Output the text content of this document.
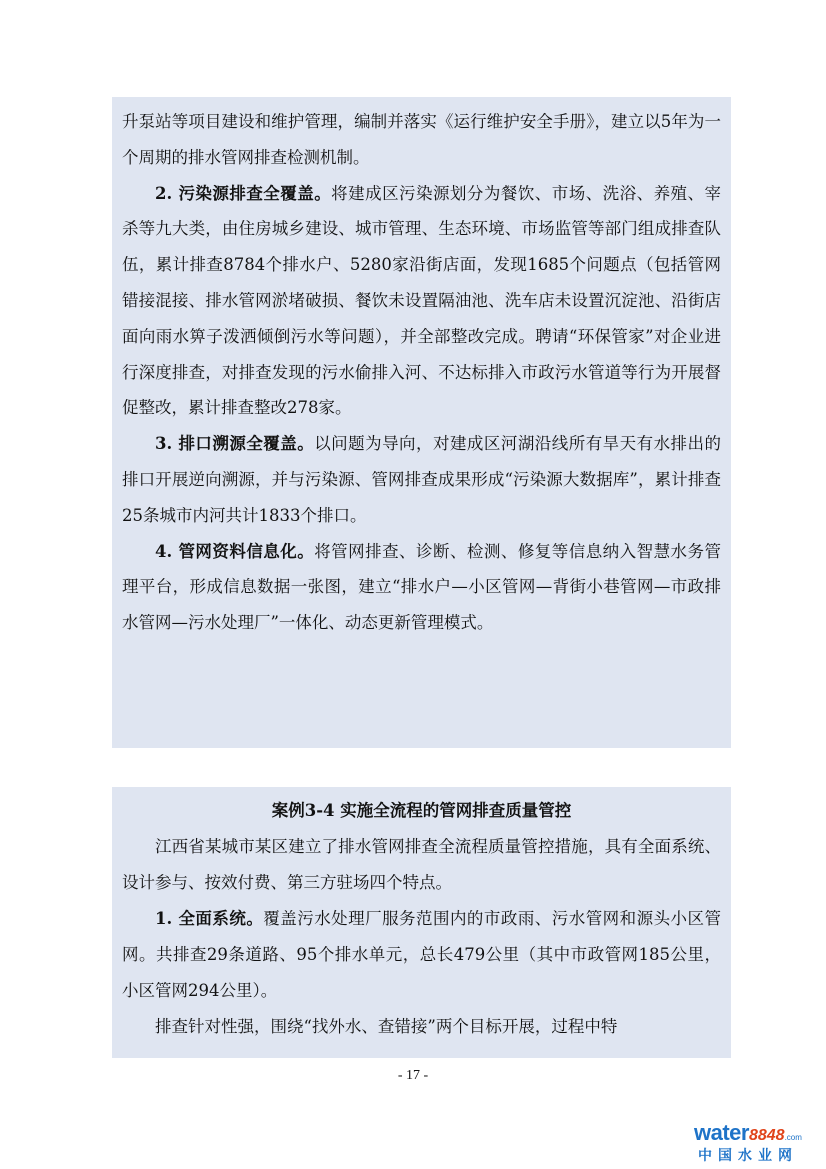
升泵站等项目建设和维护管理，编制并落实《运行维护安全手册》，建立以5年为一个周期的排水管网排查检测机制。

2. 污染源排查全覆盖。将建成区污染源划分为餐饮、市场、洗浴、养殖、宰杀等九大类，由住房城乡建设、城市管理、生态环境、市场监管等部门组成排查队伍，累计排查8784个排水户、5280家沿街店面，发现1685个问题点（包括管网错接混接、排水管网淤堵破损、餐饮未设置隔油池、洗车店未设置沉淀池、沿街店面向雨水箅子泼洒倾倒污水等问题），并全部整改完成。聘请“环保管家”对企业进行深度排查，对排查发现的污水偷排入河、不达标排入市政污水管道等行为开展督促整改，累计排查整改278家。

3. 排口溯源全覆盖。以问题为导向，对建成区河湖沿线所有旱天有水排出的排口开展逆向溯源，并与污染源、管网排查成果形成“污染源大数据库”，累计排查25条城市内河共计1833个排口。

4. 管网资料信息化。将管网排查、诊断、检测、修复等信息纳入智慧水务管理平台，形成信息数据一张图，建立“排水户—小区管网—背街小巷管网—市政排水管网—污水处理厂”一体化、动态更新管理模式。

案例3-4 实施全流程的管网排查质量管控

江西省某城市某区建立了排水管网排查全流程质量管控措施，具有全面系统、设计参与、按效付费、第三方驻场四个特点。

1. 全面系统。覆盖污水处理厂服务范围内的市政雨、污水管网和源头小区管网。共排查29条道路、95个排水单元，总长479公里（其中市政管网185公里，小区管网294公里）。

排查针对性强，围绕“找外水、查错接”两个目标开展，过程中特

- 17 -
water8848.com
中国水业网
